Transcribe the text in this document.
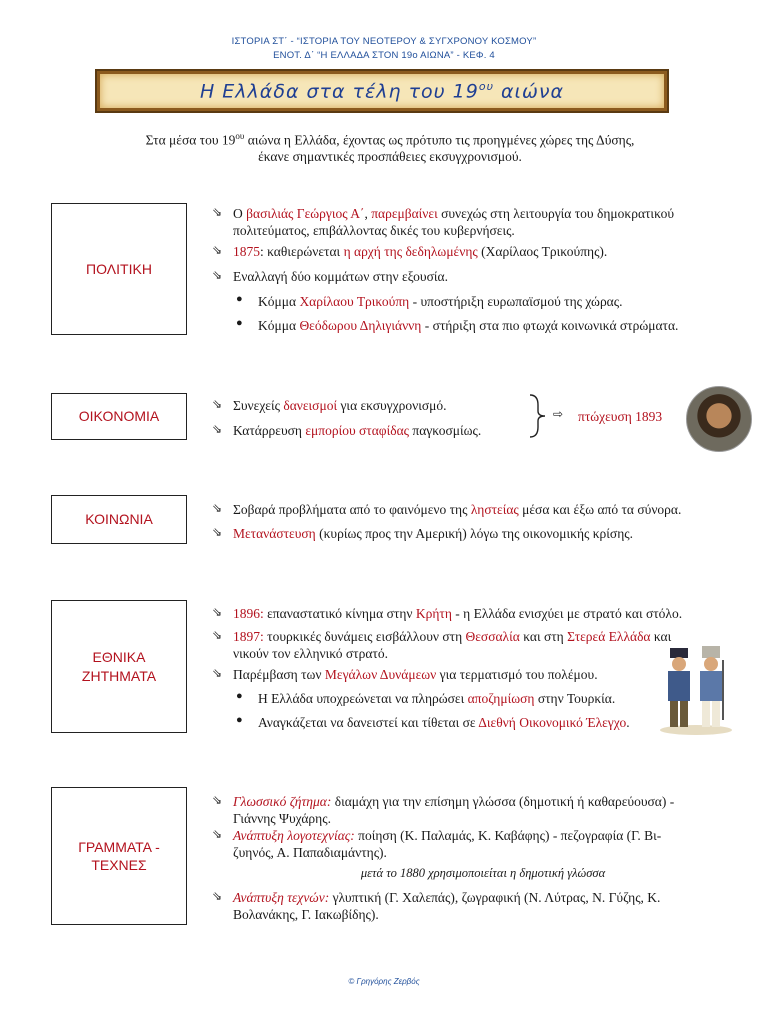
ΙΣΤΟΡΙΑ ΣΤ΄ - “ΙΣΤΟΡΙΑ ΤΟΥ ΝΕΟΤΕΡΟΥ & ΣΥΓΧΡΟΝΟΥ ΚΟΣΜΟΥ”
ΕΝΟΤ. Δ΄ “Η ΕΛΛΑΔΑ ΣΤΟΝ 19ο ΑΙΩΝΑ” - ΚΕΦ. 4
Η Ελλάδα στα τέλη του $19^{o\upsilon}$ αιώνα
Στα μέσα του $19^{o\upsilon}$ αιώνα η Ελλάδα, έχοντας ως πρότυπο τις προηγμένες χώρες της Δύσης,
έκανε σημαντικές προσπάθειες εκσυγχρονισμού.
ΠΟΛΙΤΙΚΗ
⇘ Ο βασιλιάς Γεώργιος Α΄, παρεμβαίνει συνεχώς στη λειτουργία του δημοκρατικού
πολιτεύματος, επιβάλλοντας δικές του κυβερνήσεις.
⇘ 1875: καθιερώνεται η αρχή της δεδηλωμένης (Χαρίλαος Τρικούπης).
⇘ Εναλλαγή δύο κομμάτων στην εξουσία.
● Κόμμα Χαρίλαου Τρικούπη - υποστήριξη ευρωπαϊσμού της χώρας.
● Κόμμα Θεόδωρου Δηλιγιάννη - στήριξη στα πιο φτωχά κοινωνικά στρώματα.
ΟΙΚΟΝΟΜΙΑ
⇘ Συνεχείς δανεισμοί για εκσυγχρονισμό.
⇘ Κατάρρευση εμπορίου σταφίδας παγκοσμίως.
⇨ πτώχευση 1893
ΚΟΙΝΩΝΙΑ
⇘ Σοβαρά προβλήματα από το φαινόμενο της ληστείας μέσα και έξω από τα σύνορα.
⇘ Μετανάστευση (κυρίως προς την Αμερική) λόγω της οικονομικής κρίσης.
ΕΘΝΙΚΑ
ΖΗΤΗΜΑΤΑ
⇘ 1896: επαναστατικό κίνημα στην Κρήτη - η Ελλάδα ενισχύει με στρατό και στόλο.
⇘ 1897: τουρκικές δυνάμεις εισβάλλουν στη Θεσσαλία και στη Στερεά Ελλάδα και
νικούν τον ελληνικό στρατό.
⇘ Παρέμβαση των Μεγάλων Δυνάμεων για τερματισμό του πολέμου.
● Η Ελλάδα υποχρεώνεται να πληρώσει αποζημίωση στην Τουρκία.
● Αναγκάζεται να δανειστεί και τίθεται σε Διεθνή Οικονομικό Έλεγχο.
ΓΡΑΜΜΑΤΑ -
ΤΕΧΝΕΣ
⇘ Γλωσσικό ζήτημα: διαμάχη για την επίσημη γλώσσα (δημοτική ή καθαρεύουσα) -
Γιάννης Ψυχάρης.
⇘ Ανάπτυξη λογοτεχνίας: ποίηση (Κ. Παλαμάς, Κ. Καβάφης) - πεζογραφία (Γ. Βι-
ζυηνός, Α. Παπαδιαμάντης).
μετά το 1880 χρησιμοποιείται η δημοτική γλώσσα
⇘ Ανάπτυξη τεχνών: γλυπτική (Γ. Χαλεπάς), ζωγραφική (Ν. Λύτρας, Ν. Γύζης, Κ.
Βολανάκης, Γ. Ιακωβίδης).
© Γρηγόρης Ζερβός
